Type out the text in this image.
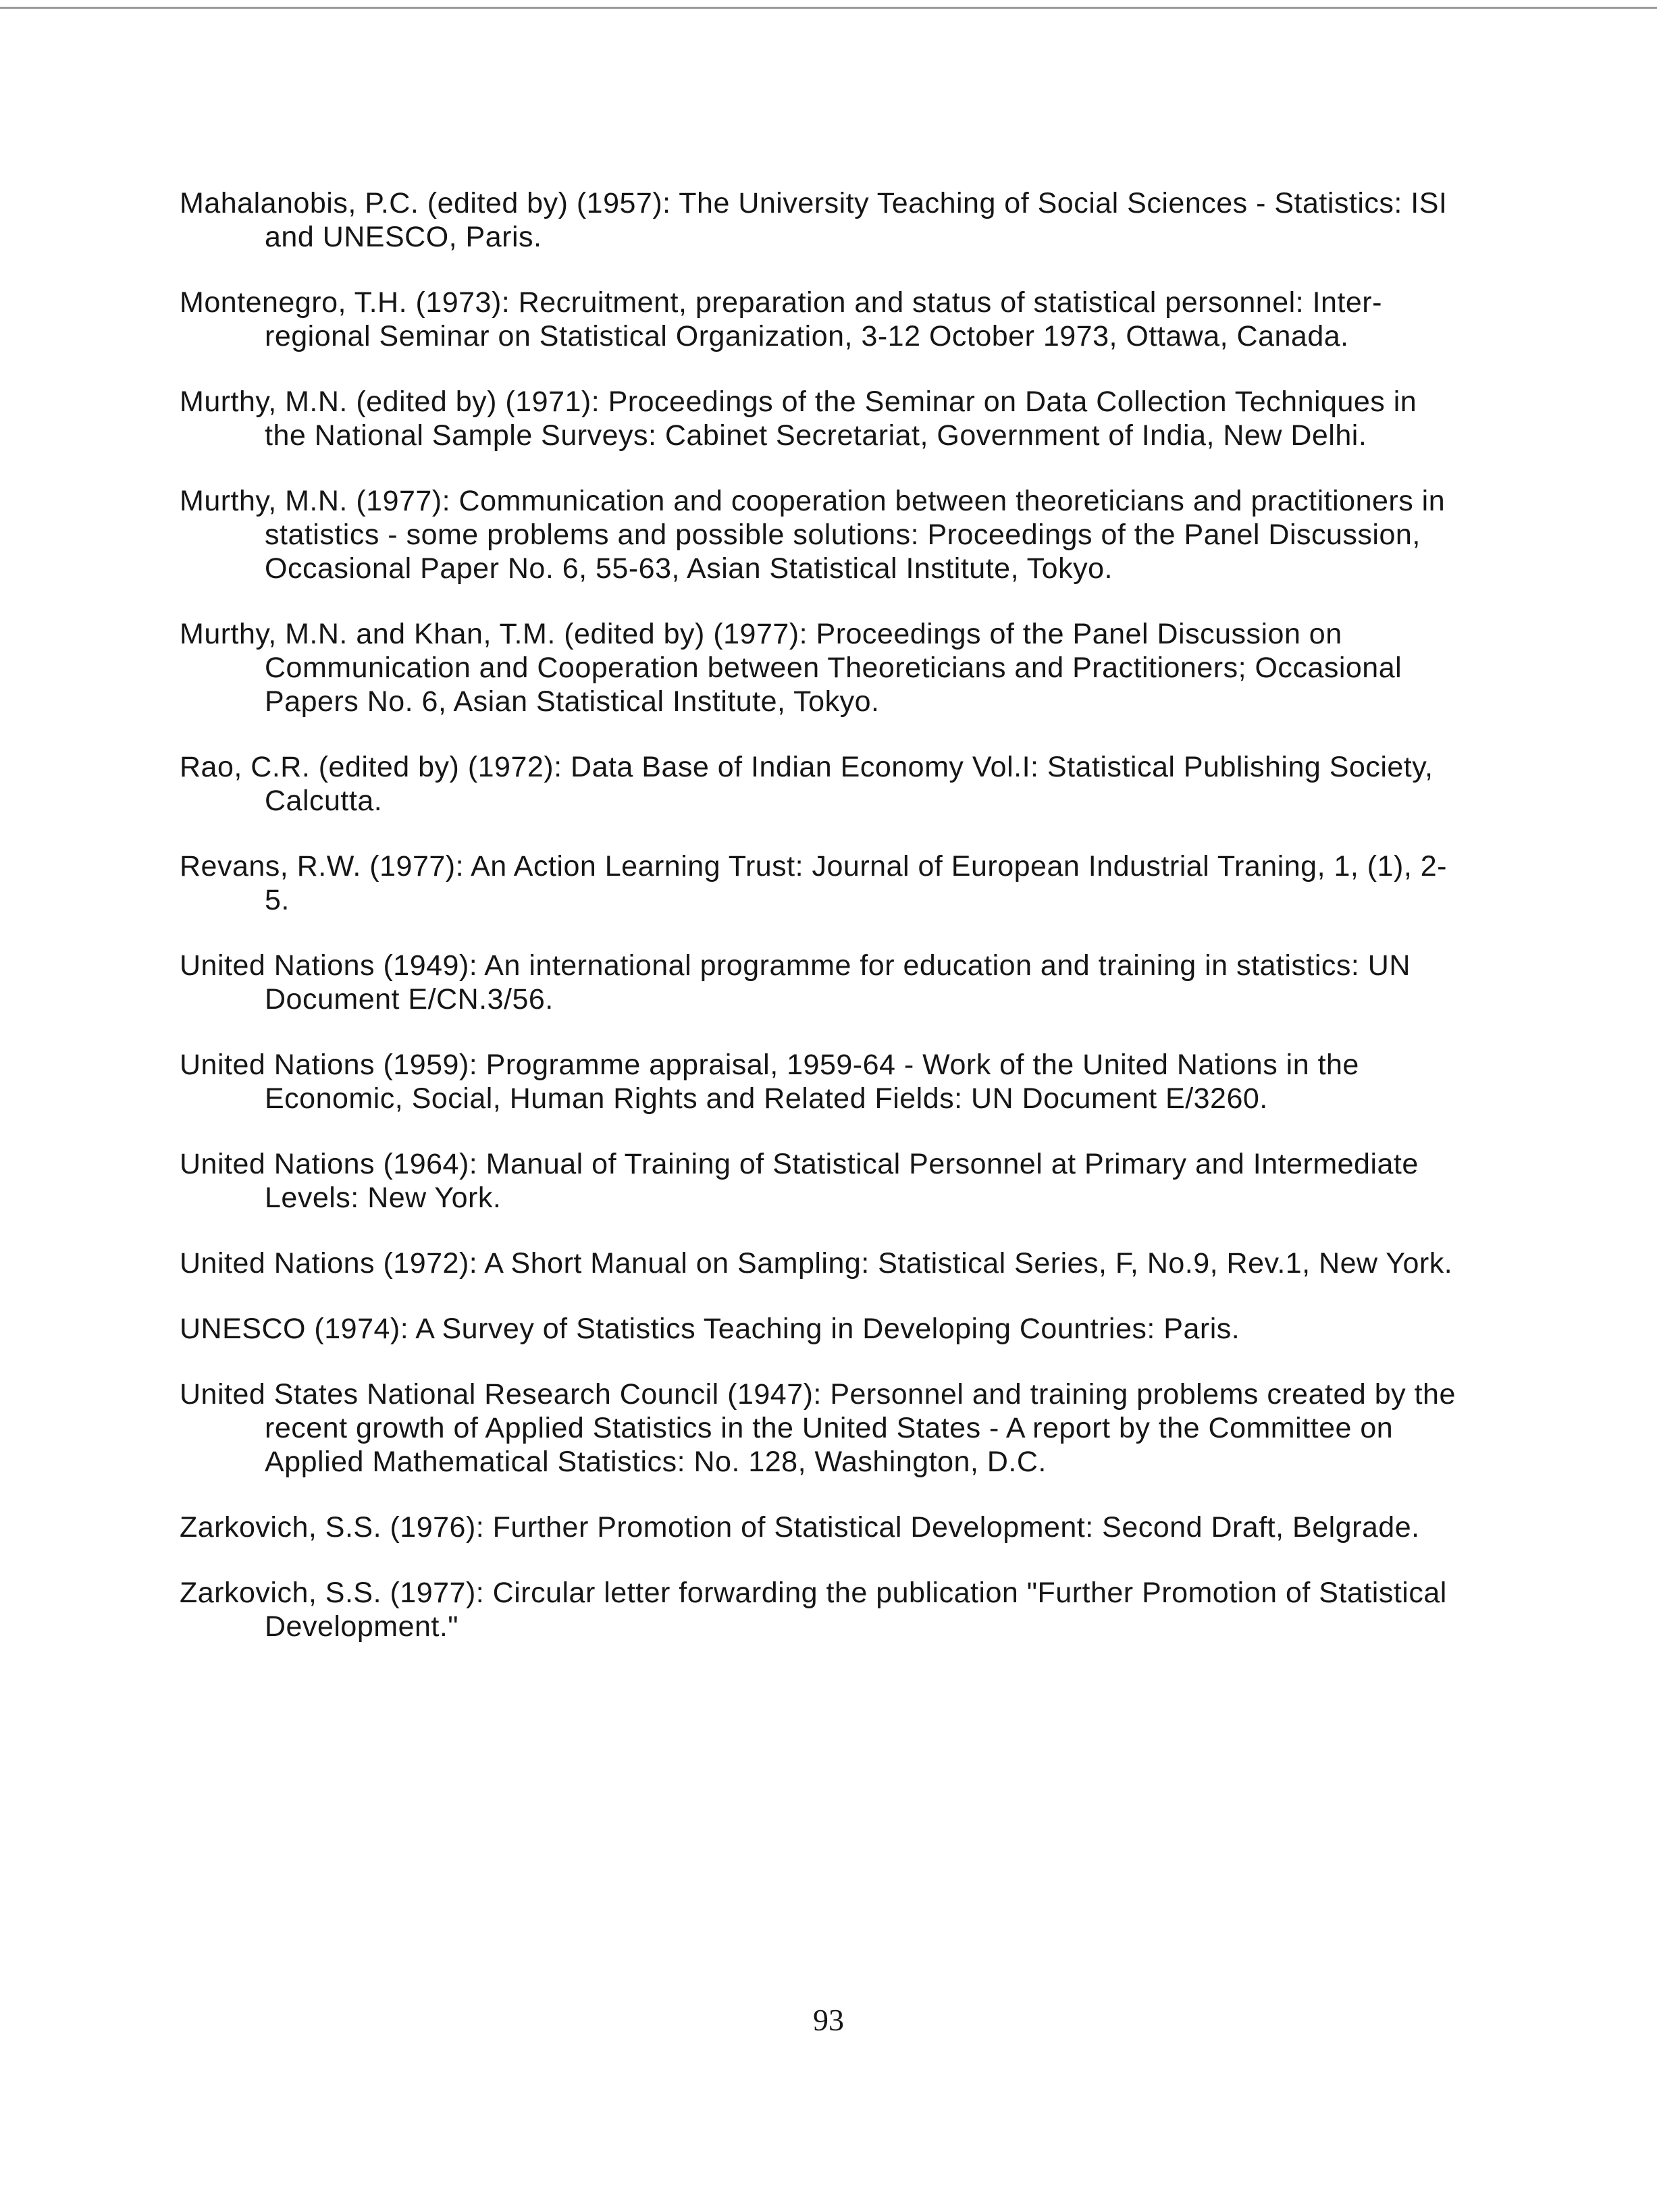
Mahalanobis, P.C. (edited by) (1957): The University Teaching of Social Sciences - Statistics: ISI and UNESCO, Paris.
Montenegro, T.H. (1973): Recruitment, preparation and status of statistical personnel: Inter-regional Seminar on Statistical Organization, 3-12 October 1973, Ottawa, Canada.
Murthy, M.N. (edited by) (1971): Proceedings of the Seminar on Data Collection Techniques in the National Sample Surveys: Cabinet Secretariat, Government of India, New Delhi.
Murthy, M.N. (1977): Communication and cooperation between theoreticians and practitioners in statistics - some problems and possible solutions: Proceedings of the Panel Discussion, Occasional Paper No. 6, 55-63, Asian Statistical Institute, Tokyo.
Murthy, M.N. and Khan, T.M. (edited by) (1977): Proceedings of the Panel Discussion on Communication and Cooperation between Theoreticians and Practitioners; Occasional Papers No. 6, Asian Statistical Institute, Tokyo.
Rao, C.R. (edited by) (1972): Data Base of Indian Economy Vol.I: Statistical Publishing Society, Calcutta.
Revans, R.W. (1977): An Action Learning Trust: Journal of European Industrial Traning, 1, (1), 2-5.
United Nations (1949): An international programme for education and training in statistics: UN Document E/CN.3/56.
United Nations (1959): Programme appraisal, 1959-64 - Work of the United Nations in the Economic, Social, Human Rights and Related Fields: UN Document E/3260.
United Nations (1964): Manual of Training of Statistical Personnel at Primary and Intermediate Levels: New York.
United Nations (1972): A Short Manual on Sampling: Statistical Series, F, No.9, Rev.1, New York.
UNESCO (1974): A Survey of Statistics Teaching in Developing Countries: Paris.
United States National Research Council (1947): Personnel and training problems created by the recent growth of Applied Statistics in the United States - A report by the Committee on Applied Mathematical Statistics: No. 128, Washington, D.C.
Zarkovich, S.S. (1976): Further Promotion of Statistical Development: Second Draft, Belgrade.
Zarkovich, S.S. (1977): Circular letter forwarding the publication "Further Promotion of Statistical Development."
93
